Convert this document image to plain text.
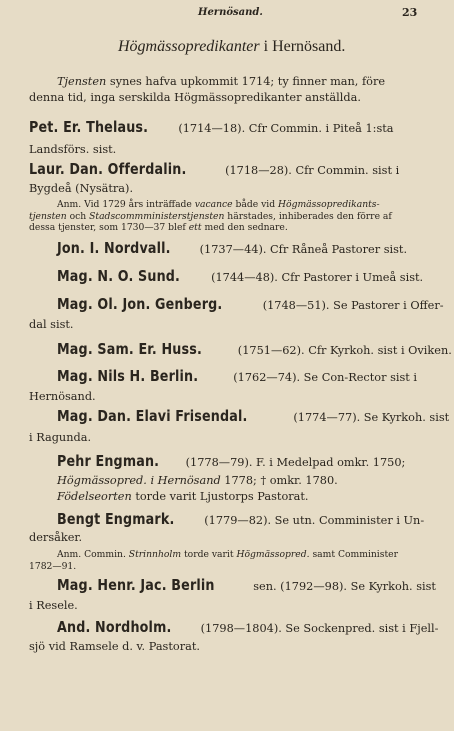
Hernösand.	23
Högmässopredikanter i Hernösand.
Tjensten synes hafva upkommit 1714; ty finner man, före
denna tid, inga serskilda Högmässopredikanter anställda.
Pet. Er. Thelaus.	(1714—18). Cfr Commin. i Piteå 1:sta
Landsförs. sist.
Laur. Dan. Offerdalin.	(1718—28). Cfr Commin. sist i
Bygdeå (Nysätra).
Anm. Vid 1729 års inträffade vacance både vid Högmässopredikants-
tjensten och Stadscommministerstjensten härstades, inhiberades den förre af
dessa tjenster, som 1730—37 blef ett med den sednare.
Jon. I. Nordvall.	(1737—44). Cfr Råneå Pastorer sist.
Mag. N. O. Sund.	(1744—48). Cfr Pastorer i Umeå sist.
Mag. Ol. Jon. Genberg.	(1748—51). Se Pastorer i Offer-
dal sist.
Mag. Sam. Er. Huss.	(1751—62). Cfr Kyrkoh. sist i Oviken.
Mag. Nils H. Berlin.	(1762—74). Se Con-Rector sist i
Hernösand.
Mag. Dan. Elavi Frisendal.	(1774—77). Se Kyrkoh. sist
i Ragunda.
Pehr Engman. (1778—79). F. i Medelpad omkr. 1750;
Högmässopred. i Hernösand 1778; † omkr. 1780.
Födelseorten torde varit Ljustorps Pastorat.
Bengt Engmark.	(1779—82). Se utn. Comminister i Un-
dersåker.
Anm. Commin. Strinnholm torde varit Högmässopred. samt Comminister
1782—91.
Mag. Henr. Jac. Berlin	sen. (1792—98). Se Kyrkoh. sist
i Resele.
And. Nordholm.	(1798—1804). Se Sockenpred. sist i Fjell-
sjö vid Ramsele d. v. Pastorat.
